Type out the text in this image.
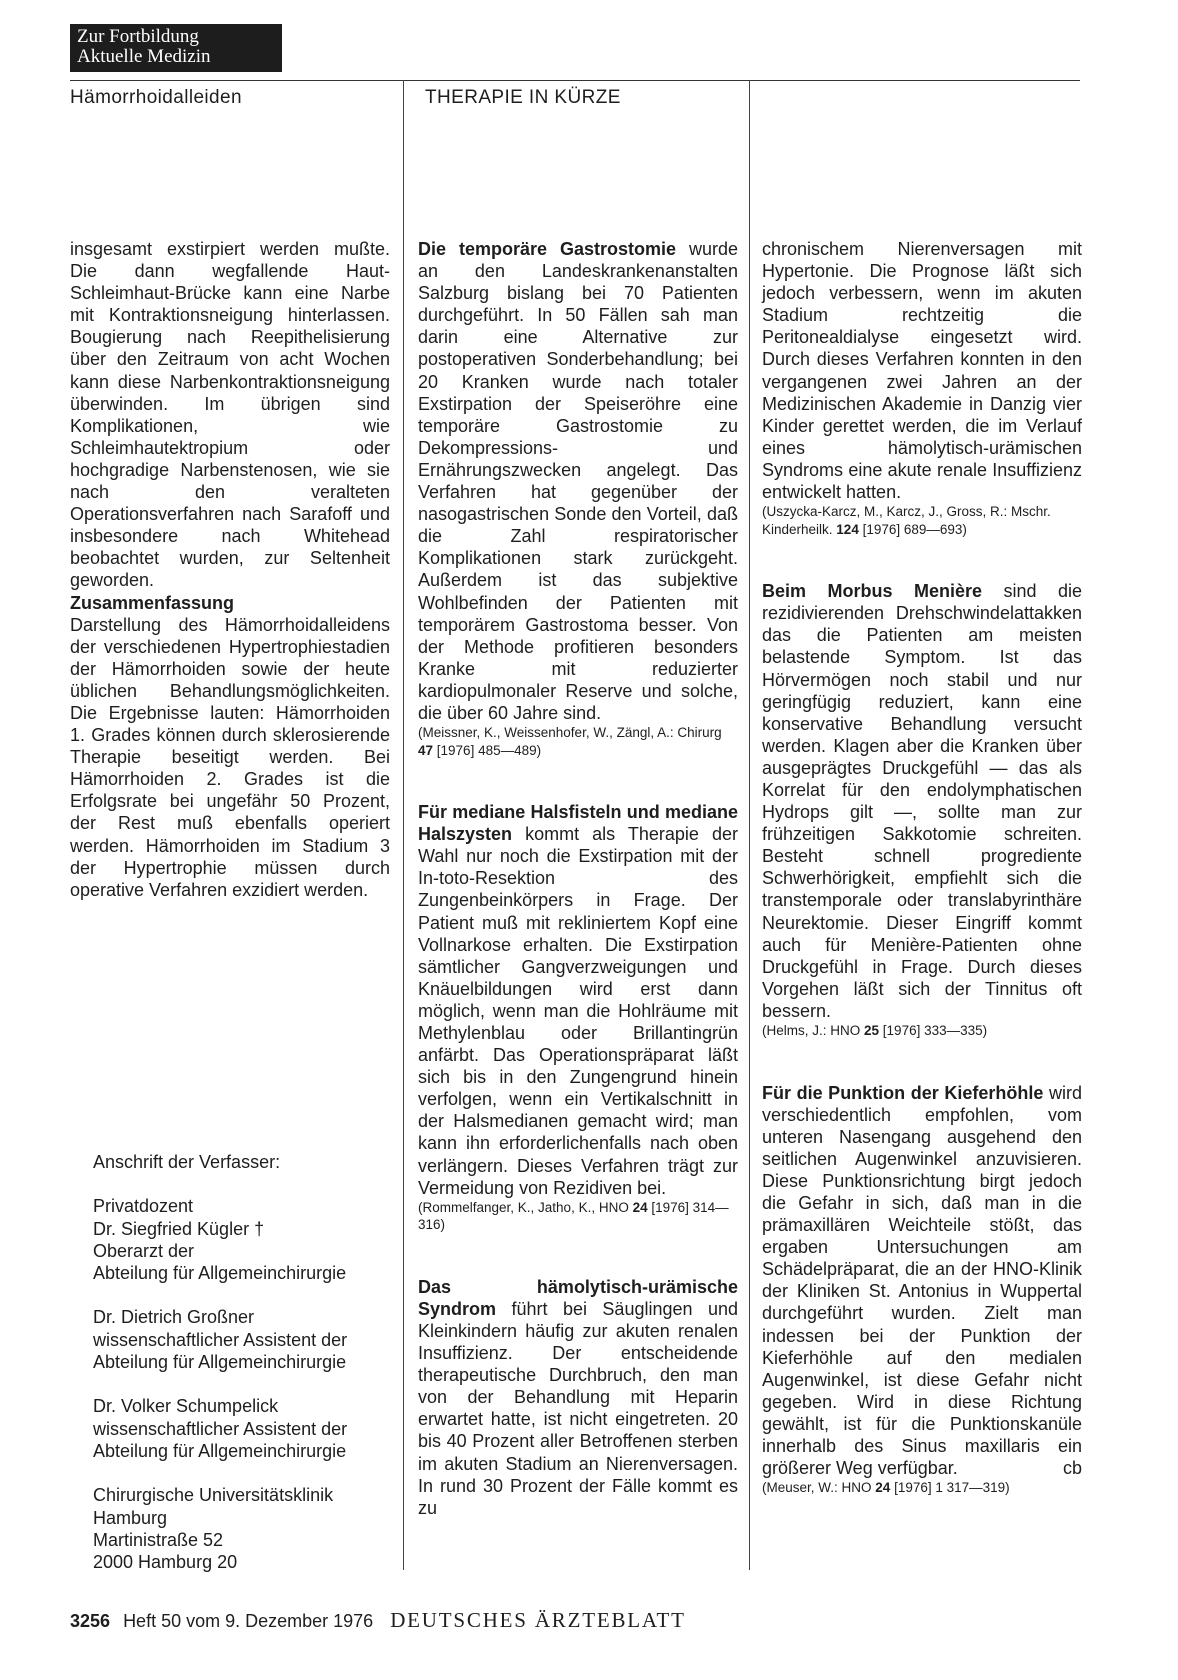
Zur Fortbildung
Aktuelle Medizin
Hämorrhoidalleiden	THERAPIE IN KÜRZE

insgesamt exstirpiert werden mußte. Die dann wegfallende Haut-Schleimhaut-Brücke kann eine Narbe mit Kontraktionsneigung hinterlassen. Bougierung nach Reepithelisierung über den Zeitraum von acht Wochen kann diese Narbenkontraktionsneigung überwinden. Im übrigen sind Komplikationen, wie Schleimhautektropium oder hochgradige Narbenstenosen, wie sie nach den veralteten Operationsverfahren nach Sarafoff und insbesondere nach Whitehead beobachtet wurden, zur Seltenheit geworden.

Zusammenfassung

Darstellung des Hämorrhoidalleidens der verschiedenen Hypertrophiestadien der Hämorrhoiden sowie der heute üblichen Behandlungsmöglichkeiten. Die Ergebnisse lauten: Hämorrhoiden 1. Grades können durch sklerosierende Therapie beseitigt werden. Bei Hämorrhoiden 2. Grades ist die Erfolgsrate bei ungefähr 50 Prozent, der Rest muß ebenfalls operiert werden. Hämorrhoiden im Stadium 3 der Hypertrophie müssen durch operative Verfahren exzidiert werden.

Anschrift der Verfasser:
Privatdozent
Dr. Siegfried Kügler †
Oberarzt der
Abteilung für Allgemeinchirurgie
Dr. Dietrich Großner
wissenschaftlicher Assistent der
Abteilung für Allgemeinchirurgie
Dr. Volker Schumpelick
wissenschaftlicher Assistent der
Abteilung für Allgemeinchirurgie
Chirurgische Universitätsklinik
Hamburg
Martinistraße 52
2000 Hamburg 20

Die temporäre Gastrostomie wurde an den Landeskrankenanstalten Salzburg bislang bei 70 Patienten durchgeführt. In 50 Fällen sah man darin eine Alternative zur postoperativen Sonderbehandlung; bei 20 Kranken wurde nach totaler Exstirpation der Speiseröhre eine temporäre Gastrostomie zu Dekompressions- und Ernährungszwecken angelegt. Das Verfahren hat gegenüber der nasogastrischen Sonde den Vorteil, daß die Zahl respiratorischer Komplikationen stark zurückgeht. Außerdem ist das subjektive Wohlbefinden der Patienten mit temporärem Gastrostoma besser. Von der Methode profitieren besonders Kranke mit reduzierter kardiopulmonaler Reserve und solche, die über 60 Jahre sind.

(Meissner, K., Weissenhofer, W., Zängl, A.: Chirurg 47 [1976] 485—489)

Für mediane Halsfisteln und mediane Halszysten kommt als Therapie der Wahl nur noch die Exstirpation mit der In-toto-Resektion des Zungenbeinkörpers in Frage. Der Patient muß mit rekliniertem Kopf eine Vollnarkose erhalten. Die Exstirpation sämtlicher Gangverzweigungen und Knäuelbildungen wird erst dann möglich, wenn man die Hohlräume mit Methylenblau oder Brillantingrün anfärbt. Das Operationspräparat läßt sich bis in den Zungengrund hinein verfolgen, wenn ein Vertikalschnitt in der Halsmedianen gemacht wird; man kann ihn erforderlichenfalls nach oben verlängern. Dieses Verfahren trägt zur Vermeidung von Rezidiven bei.

(Rommelfanger, K., Jatho, K., HNO 24 [1976] 314—316)

Das hämolytisch-urämische Syndrom führt bei Säuglingen und Kleinkindern häufig zur akuten renalen Insuffizienz. Der entscheidende therapeutische Durchbruch, den man von der Behandlung mit Heparin erwartet hatte, ist nicht eingetreten. 20 bis 40 Prozent aller Betroffenen sterben im akuten Stadium an Nierenversagen. In rund 30 Prozent der Fälle kommt es zu

chronischem Nierenversagen mit Hypertonie. Die Prognose läßt sich jedoch verbessern, wenn im akuten Stadium rechtzeitig die Peritonealdialyse eingesetzt wird. Durch dieses Verfahren konnten in den vergangenen zwei Jahren an der Medizinischen Akademie in Danzig vier Kinder gerettet werden, die im Verlauf eines hämolytisch-urämischen Syndroms eine akute renale Insuffizienz entwickelt hatten.

(Uszycka-Karcz, M., Karcz, J., Gross, R.: Mschr. Kinderheilk. 124 [1976] 689—693)

Beim Morbus Menière sind die rezidivierenden Drehschwindelattakken das die Patienten am meisten belastende Symptom. Ist das Hörvermögen noch stabil und nur geringfügig reduziert, kann eine konservative Behandlung versucht werden. Klagen aber die Kranken über ausgeprägtes Druckgefühl — das als Korrelat für den endolymphatischen Hydrops gilt —, sollte man zur frühzeitigen Sakkotomie schreiten. Besteht schnell progrediente Schwerhörigkeit, empfiehlt sich die transtemporale oder translabyrinthäre Neurektomie. Dieser Eingriff kommt auch für Menière-Patienten ohne Druckgefühl in Frage. Durch dieses Vorgehen läßt sich der Tinnitus oft bessern.

(Helms, J.: HNO 25 [1976] 333—335)

Für die Punktion der Kieferhöhle wird verschiedentlich empfohlen, vom unteren Nasengang ausgehend den seitlichen Augenwinkel anzuvisieren. Diese Punktionsrichtung birgt jedoch die Gefahr in sich, daß man in die prämaxillären Weichteile stößt, das ergaben Untersuchungen am Schädelpräparat, die an der HNO-Klinik der Kliniken St. Antonius in Wuppertal durchgeführt wurden. Zielt man indessen bei der Punktion der Kieferhöhle auf den medialen Augenwinkel, ist diese Gefahr nicht gegeben. Wird in diese Richtung gewählt, ist für die Punktionskanüle innerhalb des Sinus maxillaris ein größerer Weg verfügbar.	cb

(Meuser, W.: HNO 24 [1976] 1 317—319)

3256 Heft 50 vom 9. Dezember 1976 DEUTSCHES ÄRZTEBLATT
